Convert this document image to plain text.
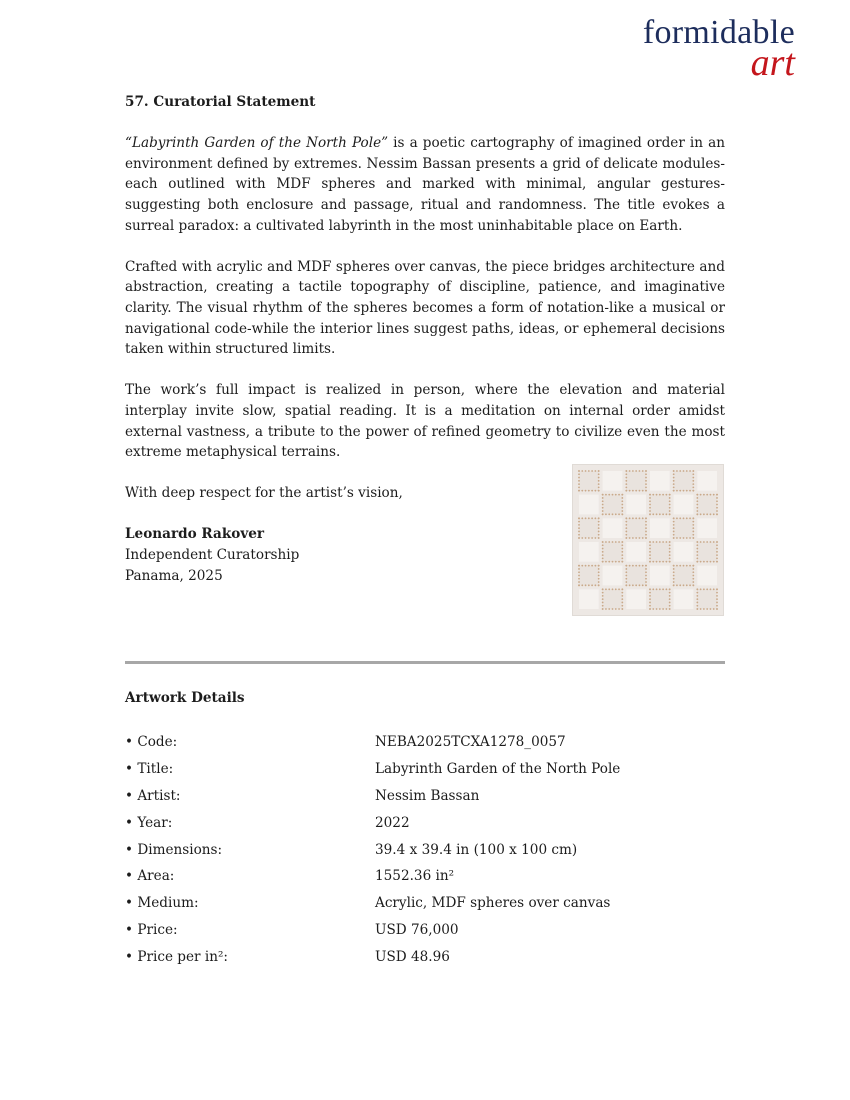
formidable
art
57. Curatorial Statement

“Labyrinth Garden of the North Pole” is a poetic cartography of imagined order in an environment defined by extremes. Nessim Bassan presents a grid of delicate modules-each outlined with MDF spheres and marked with minimal, angular gestures-suggesting both enclosure and passage, ritual and randomness. The title evokes a surreal paradox: a cultivated labyrinth in the most uninhabitable place on Earth.

Crafted with acrylic and MDF spheres over canvas, the piece bridges architecture and abstraction, creating a tactile topography of discipline, patience, and imaginative clarity. The visual rhythm of the spheres becomes a form of notation-like a musical or navigational code-while the interior lines suggest paths, ideas, or ephemeral decisions taken within structured limits.

The work’s full impact is realized in person, where the elevation and material interplay invite slow, spatial reading. It is a meditation on internal order amidst external vastness, a tribute to the power of refined geometry to civilize even the most extreme metaphysical terrains.

With deep respect for the artist’s vision,

Leonardo Rakover
Independent Curatorship
Panama, 2025
Artwork Details
• Code:	NEBA2025TCXA1278_0057
• Title:	Labyrinth Garden of the North Pole
• Artist:	Nessim Bassan
• Year:	2022
• Dimensions:	39.4 x 39.4 in (100 x 100 cm)
• Area:	1552.36 in²
• Medium:	Acrylic, MDF spheres over canvas
• Price:	USD 76,000
• Price per in²:	USD 48.96
